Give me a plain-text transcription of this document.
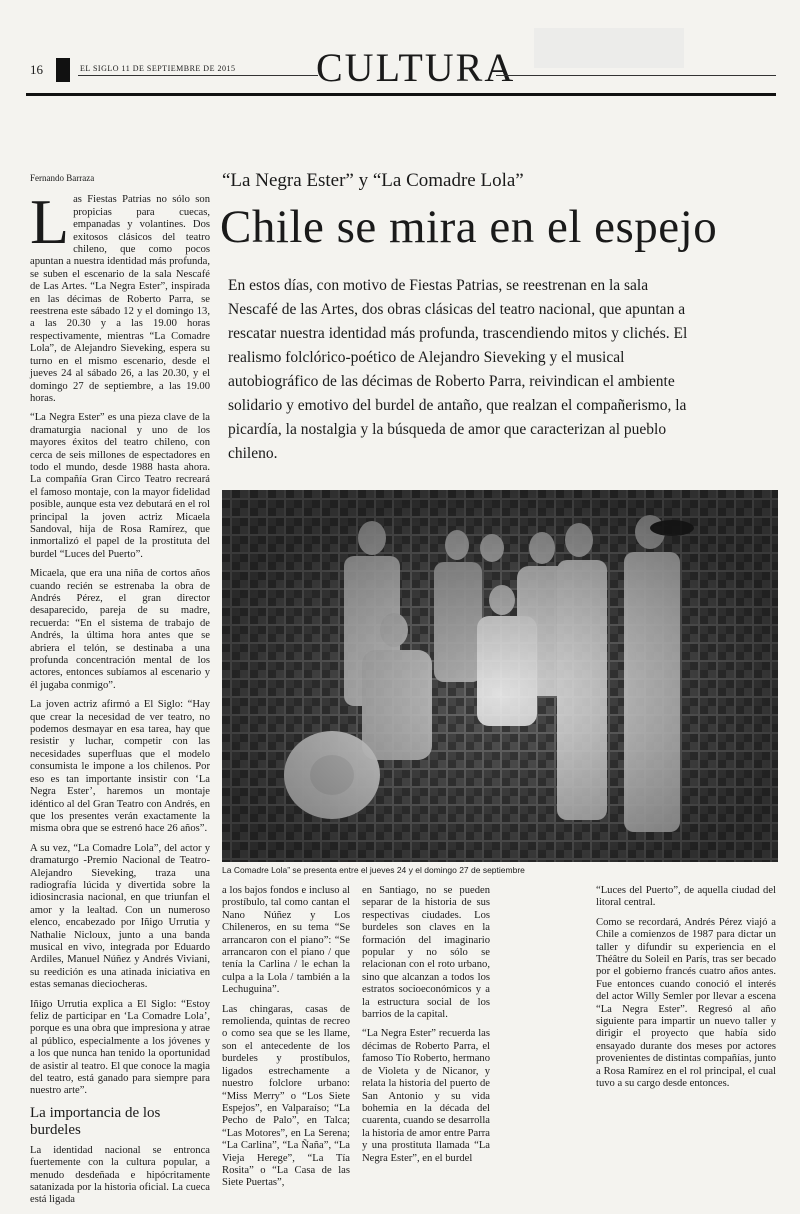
16	EL SIGLO 11 DE SEPTIEMBRE DE 2015 CULTURA
Fernando Barraza

Las Fiestas Patrias no sólo son propicias para cuecas, empanadas y volantines. Dos exitosos clásicos del teatro chileno, que como pocos apuntan a nuestra identidad más profunda, se suben el escenario de la sala Nescafé de Las Artes. “La Negra Ester”, inspirada en las décimas de Roberto Parra, se reestrena este sábado 12 y el domingo 13, a las 20.30 y a las 19.00 horas respectivamente, mientras “La Comadre Lola”, de Alejandro Sieveking, espera su turno en el mismo escenario, desde el jueves 24 al sábado 26, a las 20.30, y el domingo 27 de septiembre, a las 19.00 horas.

“La Negra Ester” es una pieza clave de la dramaturgia nacional y uno de los mayores éxitos del teatro chileno, con cerca de seis millones de espectadores en todo el mundo, desde 1988 hasta ahora. La compañía Gran Circo Teatro recreará el famoso montaje, con la mayor fidelidad posible, aunque esta vez debutará en el rol principal la joven actriz Micaela Sandoval, hija de Rosa Ramírez, que inmortalizó el papel de la prostituta del burdel “Luces del Puerto”.

Micaela, que era una niña de cortos años cuando recién se estrenaba la obra de Andrés Pérez, el gran director desaparecido, pareja de su madre, recuerda: “En el sistema de trabajo de Andrés, la última hora antes que se abriera el telón, se destinaba a una profunda concentración mental de los actores, entonces subíamos al escenario y él jugaba conmigo”.

La joven actriz afirmó a El Siglo: “Hay que crear la necesidad de ver teatro, no podemos desmayar en esa tarea, hay que resistir y luchar, competir con las necesidades superfluas que el modelo consumista le impone a los chilenos. Por eso es tan importante insistir con ‘La Negra Ester’, haremos un montaje idéntico al del Gran Teatro con Andrés, en que los presentes verán exactamente la misma obra que se estrenó hace 26 años”.

A su vez, “La Comadre Lola”, del actor y dramaturgo -Premio Nacional de Teatro- Alejandro Sieveking, traza una radiografía lúcida y divertida sobre la idiosincrasia nacional, en que triunfan el amor y la lealtad. Con un numeroso elenco, encabezado por Iñigo Urrutia y Nathalie Nicloux, junto a una banda musical en vivo, integrada por Eduardo Ardiles, Manuel Núñez y Andrés Viviani, su reedición es una atinada iniciativa en estas semanas dieciocheras.

Iñigo Urrutia explica a El Siglo: “Estoy feliz de participar en ‘La Comadre Lola’, porque es una obra que impresiona y atrae al público, especialmente a los jóvenes y a los que nunca han tenido la oportunidad de asistir al teatro. El que conoce la magia del teatro, está ganado para siempre para nuestro arte”.

La importancia de los burdeles

La identidad nacional se entronca fuertemente con la cultura popular, a menudo desdeñada e hipócritamente satanizada por la historia oficial. La cueca está ligada

“La Negra Ester” y “La Comadre Lola”
Chile se mira en el espejo
En estos días, con motivo de Fiestas Patrias, se reestrenan en la sala Nescafé de las Artes, dos obras clásicas del teatro nacional, que apuntan a rescatar nuestra identidad más profunda, trascendiendo mitos y clichés. El realismo folclórico-poético de Alejandro Sieveking y el musical autobiográfico de las décimas de Roberto Parra, reivindican el ambiente solidario y emotivo del burdel de antaño, que realzan el compañerismo, la picardía, la nostalgia y la búsqueda de amor que caracterizan al pueblo chileno.
La Comadre Lola” se presenta entre el jueves 24 y el domingo 27 de septiembre

a los bajos fondos e incluso al prostíbulo, tal como cantan el Nano Núñez y Los Chileneros, en su tema “Se arrancaron con el piano”: “Se arrancaron con el piano / que tenía la Carlina / le echan la culpa a la Lola / también a la Lechuguina”.

Las chingaras, casas de remolienda, quintas de recreo o como sea que se les llame, son el antecedente de los burdeles y prostíbulos, ligados estrechamente a nuestro folclore urbano: “Miss Merry” o “Los Siete Espejos”, en Valparaíso; “La Pecho de Palo”, en Talca; “Las Motores”, en La Serena; “La Carlina”, “La Ñaña”, “La Vieja Herege”, “La Tía Rosita” o “La Casa de las Siete Puertas”,

en Santiago, no se pueden separar de la historia de sus respectivas ciudades. Los burdeles son claves en la formación del imaginario popular y no sólo se relacionan con el roto urbano, sino que alcanzan a todos los estratos socioeconómicos y a la estructura social de los barrios de la capital.

“La Negra Ester” recuerda las décimas de Roberto Parra, el famoso Tío Roberto, hermano de Violeta y de Nicanor, y relata la historia del puerto de San Antonio y su vida bohemia en la década del cuarenta, cuando se desarrolla la historia de amor entre Parra y una prostituta llamada “La Negra Ester”, en el burdel

“Luces del Puerto”, de aquella ciudad del litoral central.

Como se recordará, Andrés Pérez viajó a Chile a comienzos de 1987 para dictar un taller y difundir su experiencia en el Théâtre du Soleil en París, tras ser becado por el gobierno francés cuatro años antes. Fue entonces cuando conoció el interés del actor Willy Semler por llevar a escena “La Negra Ester”. Regresó al año siguiente para impartir un nuevo taller y dirigir el proyecto que había sido ensayado durante dos meses por actores provenientes de distintas compañías, junto a Rosa Ramírez en el rol principal, el cual tuvo a su cargo desde entonces.
